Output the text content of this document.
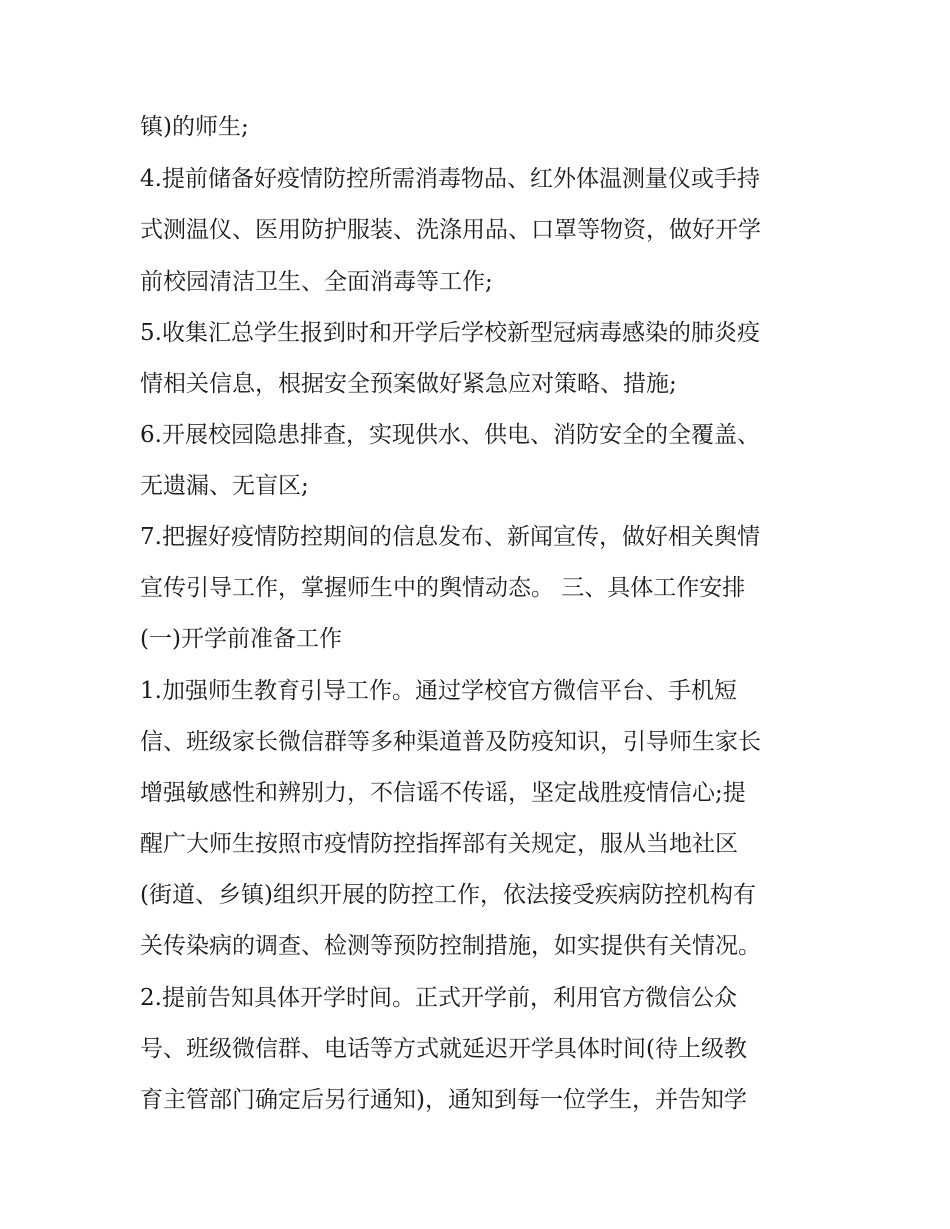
镇)的师生;
4.提前储备好疫情防控所需消毒物品、红外体温测量仪或手持
式测温仪、医用防护服装、洗涤用品、口罩等物资，做好开学
前校园清洁卫生、全面消毒等工作;
5.收集汇总学生报到时和开学后学校新型冠病毒感染的肺炎疫
情相关信息，根据安全预案做好紧急应对策略、措施;
6.开展校园隐患排查，实现供水、供电、消防安全的全覆盖、
无遗漏、无盲区;
7.把握好疫情防控期间的信息发布、新闻宣传，做好相关舆情
宣传引导工作，掌握师生中的舆情动态。 三、具体工作安排
(一)开学前准备工作
1.加强师生教育引导工作。通过学校官方微信平台、手机短
信、班级家长微信群等多种渠道普及防疫知识，引导师生家长
增强敏感性和辨别力，不信谣不传谣，坚定战胜疫情信心;提
醒广大师生按照市疫情防控指挥部有关规定，服从当地社区
(街道、乡镇)组织开展的防控工作，依法接受疾病防控机构有
关传染病的调查、检测等预防控制措施，如实提供有关情况。
2.提前告知具体开学时间。正式开学前，利用官方微信公众
号、班级微信群、电话等方式就延迟开学具体时间(待上级教
育主管部门确定后另行通知)，通知到每一位学生，并告知学
